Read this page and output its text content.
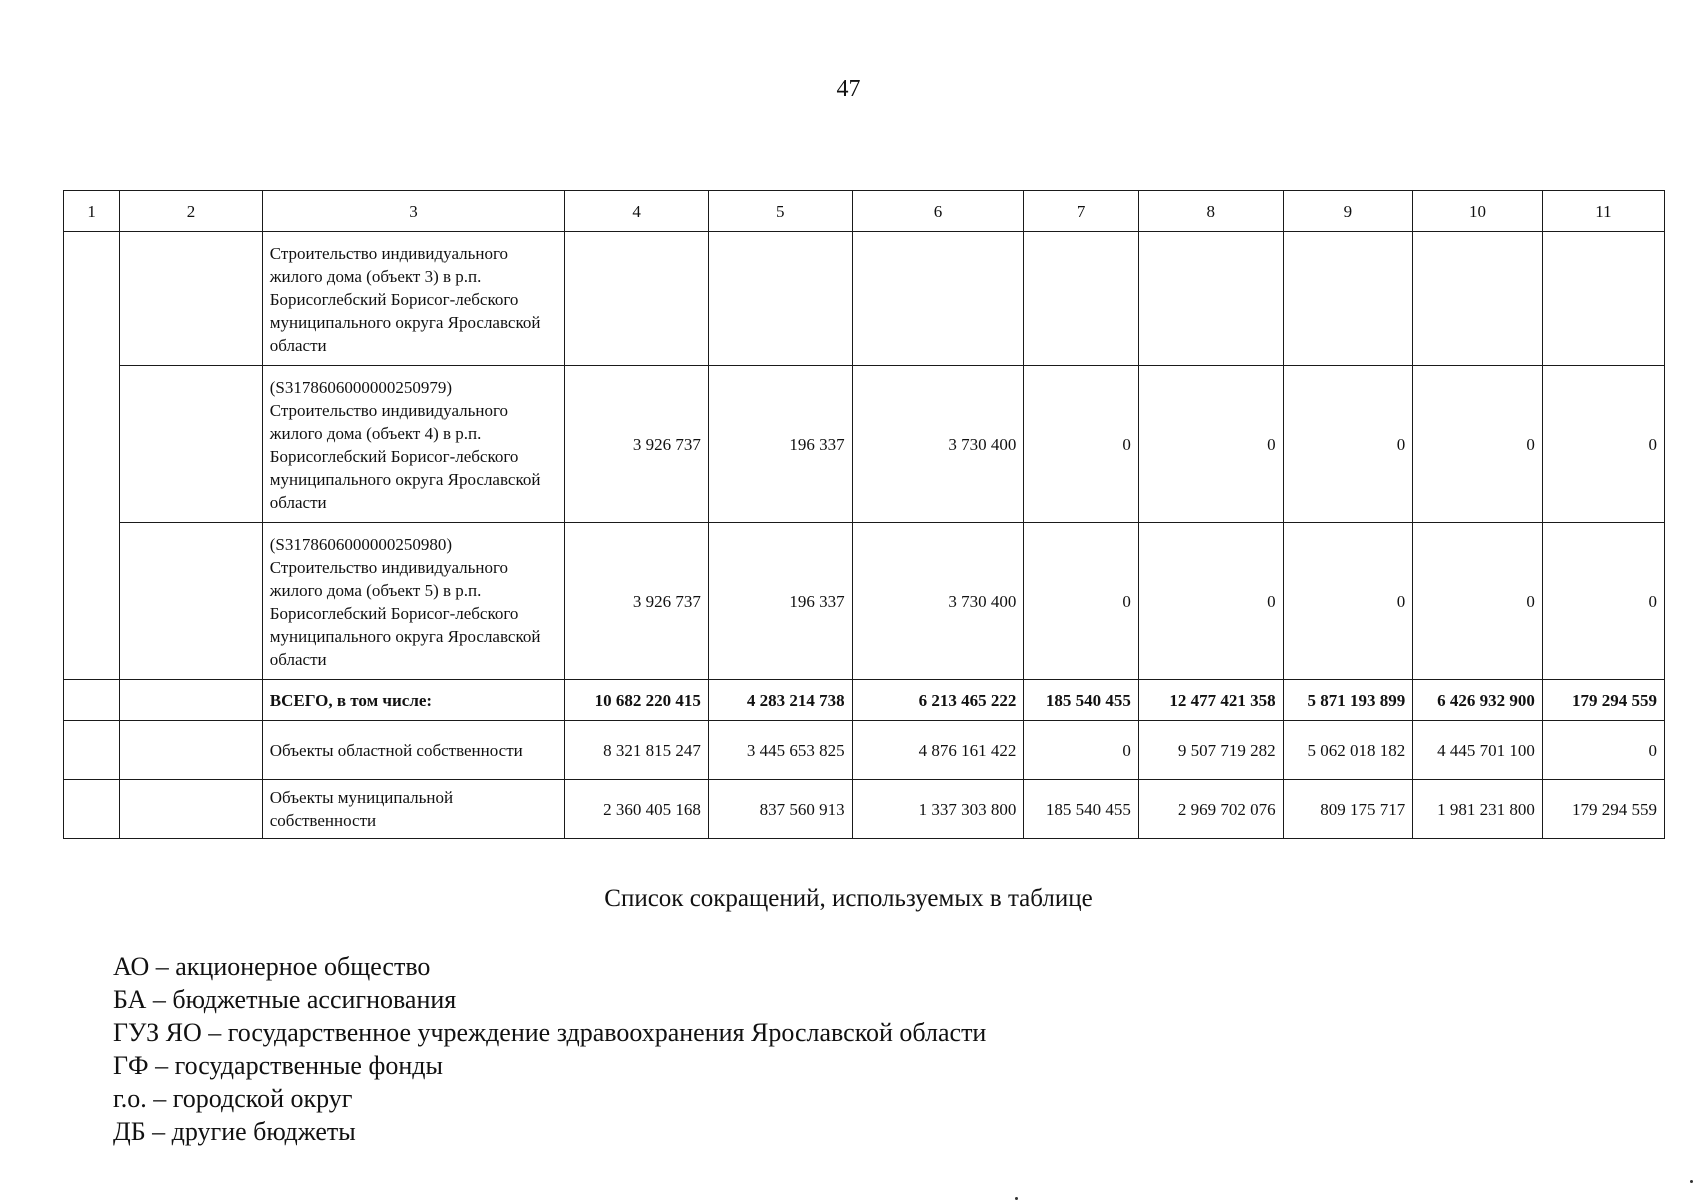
47
1	2	3	4	5	6	7	8	9	10	11
		Строительство индивидуального жилого дома (объект 3) в р.п. Борисоглебский Борисог-лебского муниципального округа Ярославской области								
		(S3178606000000250979) Строительство индивидуального жилого дома (объект 4) в р.п. Борисоглебский Борисог-лебского муниципального округа Ярославской области	3 926 737	196 337	3 730 400	0	0	0	0	0
		(S3178606000000250980) Строительство индивидуального жилого дома (объект 5) в р.п. Борисоглебский Борисог-лебского муниципального округа Ярославской области	3 926 737	196 337	3 730 400	0	0	0	0	0
		ВСЕГО, в том числе:	10 682 220 415	4 283 214 738	6 213 465 222	185 540 455	12 477 421 358	5 871 193 899	6 426 932 900	179 294 559
		Объекты областной собственности	8 321 815 247	3 445 653 825	4 876 161 422	0	9 507 719 282	5 062 018 182	4 445 701 100	0
		Объекты муниципальной собственности	2 360 405 168	837 560 913	1 337 303 800	185 540 455	2 969 702 076	809 175 717	1 981 231 800	179 294 559
Список сокращений, используемых в таблице
АО – акционерное общество
БА – бюджетные ассигнования
ГУЗ ЯО – государственное учреждение здравоохранения Ярославской области
ГФ – государственные фонды
г.о. – городской округ
ДБ – другие бюджеты
